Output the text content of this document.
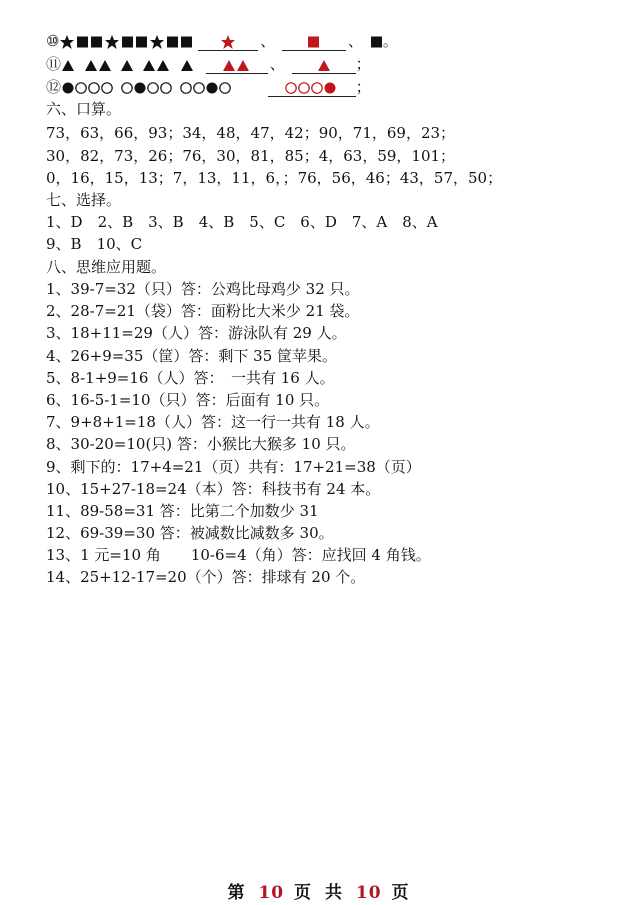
⑩	、	、 。
⑪	、	；
⑫	；
六、口算。
73，63，66，93；34，48，47，42；90，71，69，23；
30，82，73，26；76，30，81，85；4，63，59，101；
0，16，15，13；7，13，11，6，；76，56，46；43，57，50；
七、选择。
1、D　2、B　3、B　4、B　5、C　6、D　7、A　8、A
9、B　10、C
八、思维应用题。
1、39-7=32（只）答：公鸡比母鸡少 32 只。
2、28-7=21（袋）答：面粉比大米少 21 袋。
3、18+11=29（人）答：游泳队有 29 人。
4、26+9=35（筐）答：剩下 35 筐苹果。
5、8-1+9=16（人）答：　一共有 16 人。
6、16-5-1=10（只）答：后面有 10 只。
7、9+8+1=18（人）答：这一行一共有 18 人。
8、30-20=10(只) 答：小猴比大猴多 10 只。
9、剩下的：17+4=21（页）共有：17+21=38（页）
10、15+27-18=24（本）答：科技书有 24 本。
11、89-58=31 答：比第二个加数少 31
12、69-39=30 答：被减数比减数多 30。
13、1 元=10 角　　10-6=4（角）答：应找回 4 角钱。
14、25+12-17=20（个）答：排球有 20 个。
第 10 页 共 10 页
